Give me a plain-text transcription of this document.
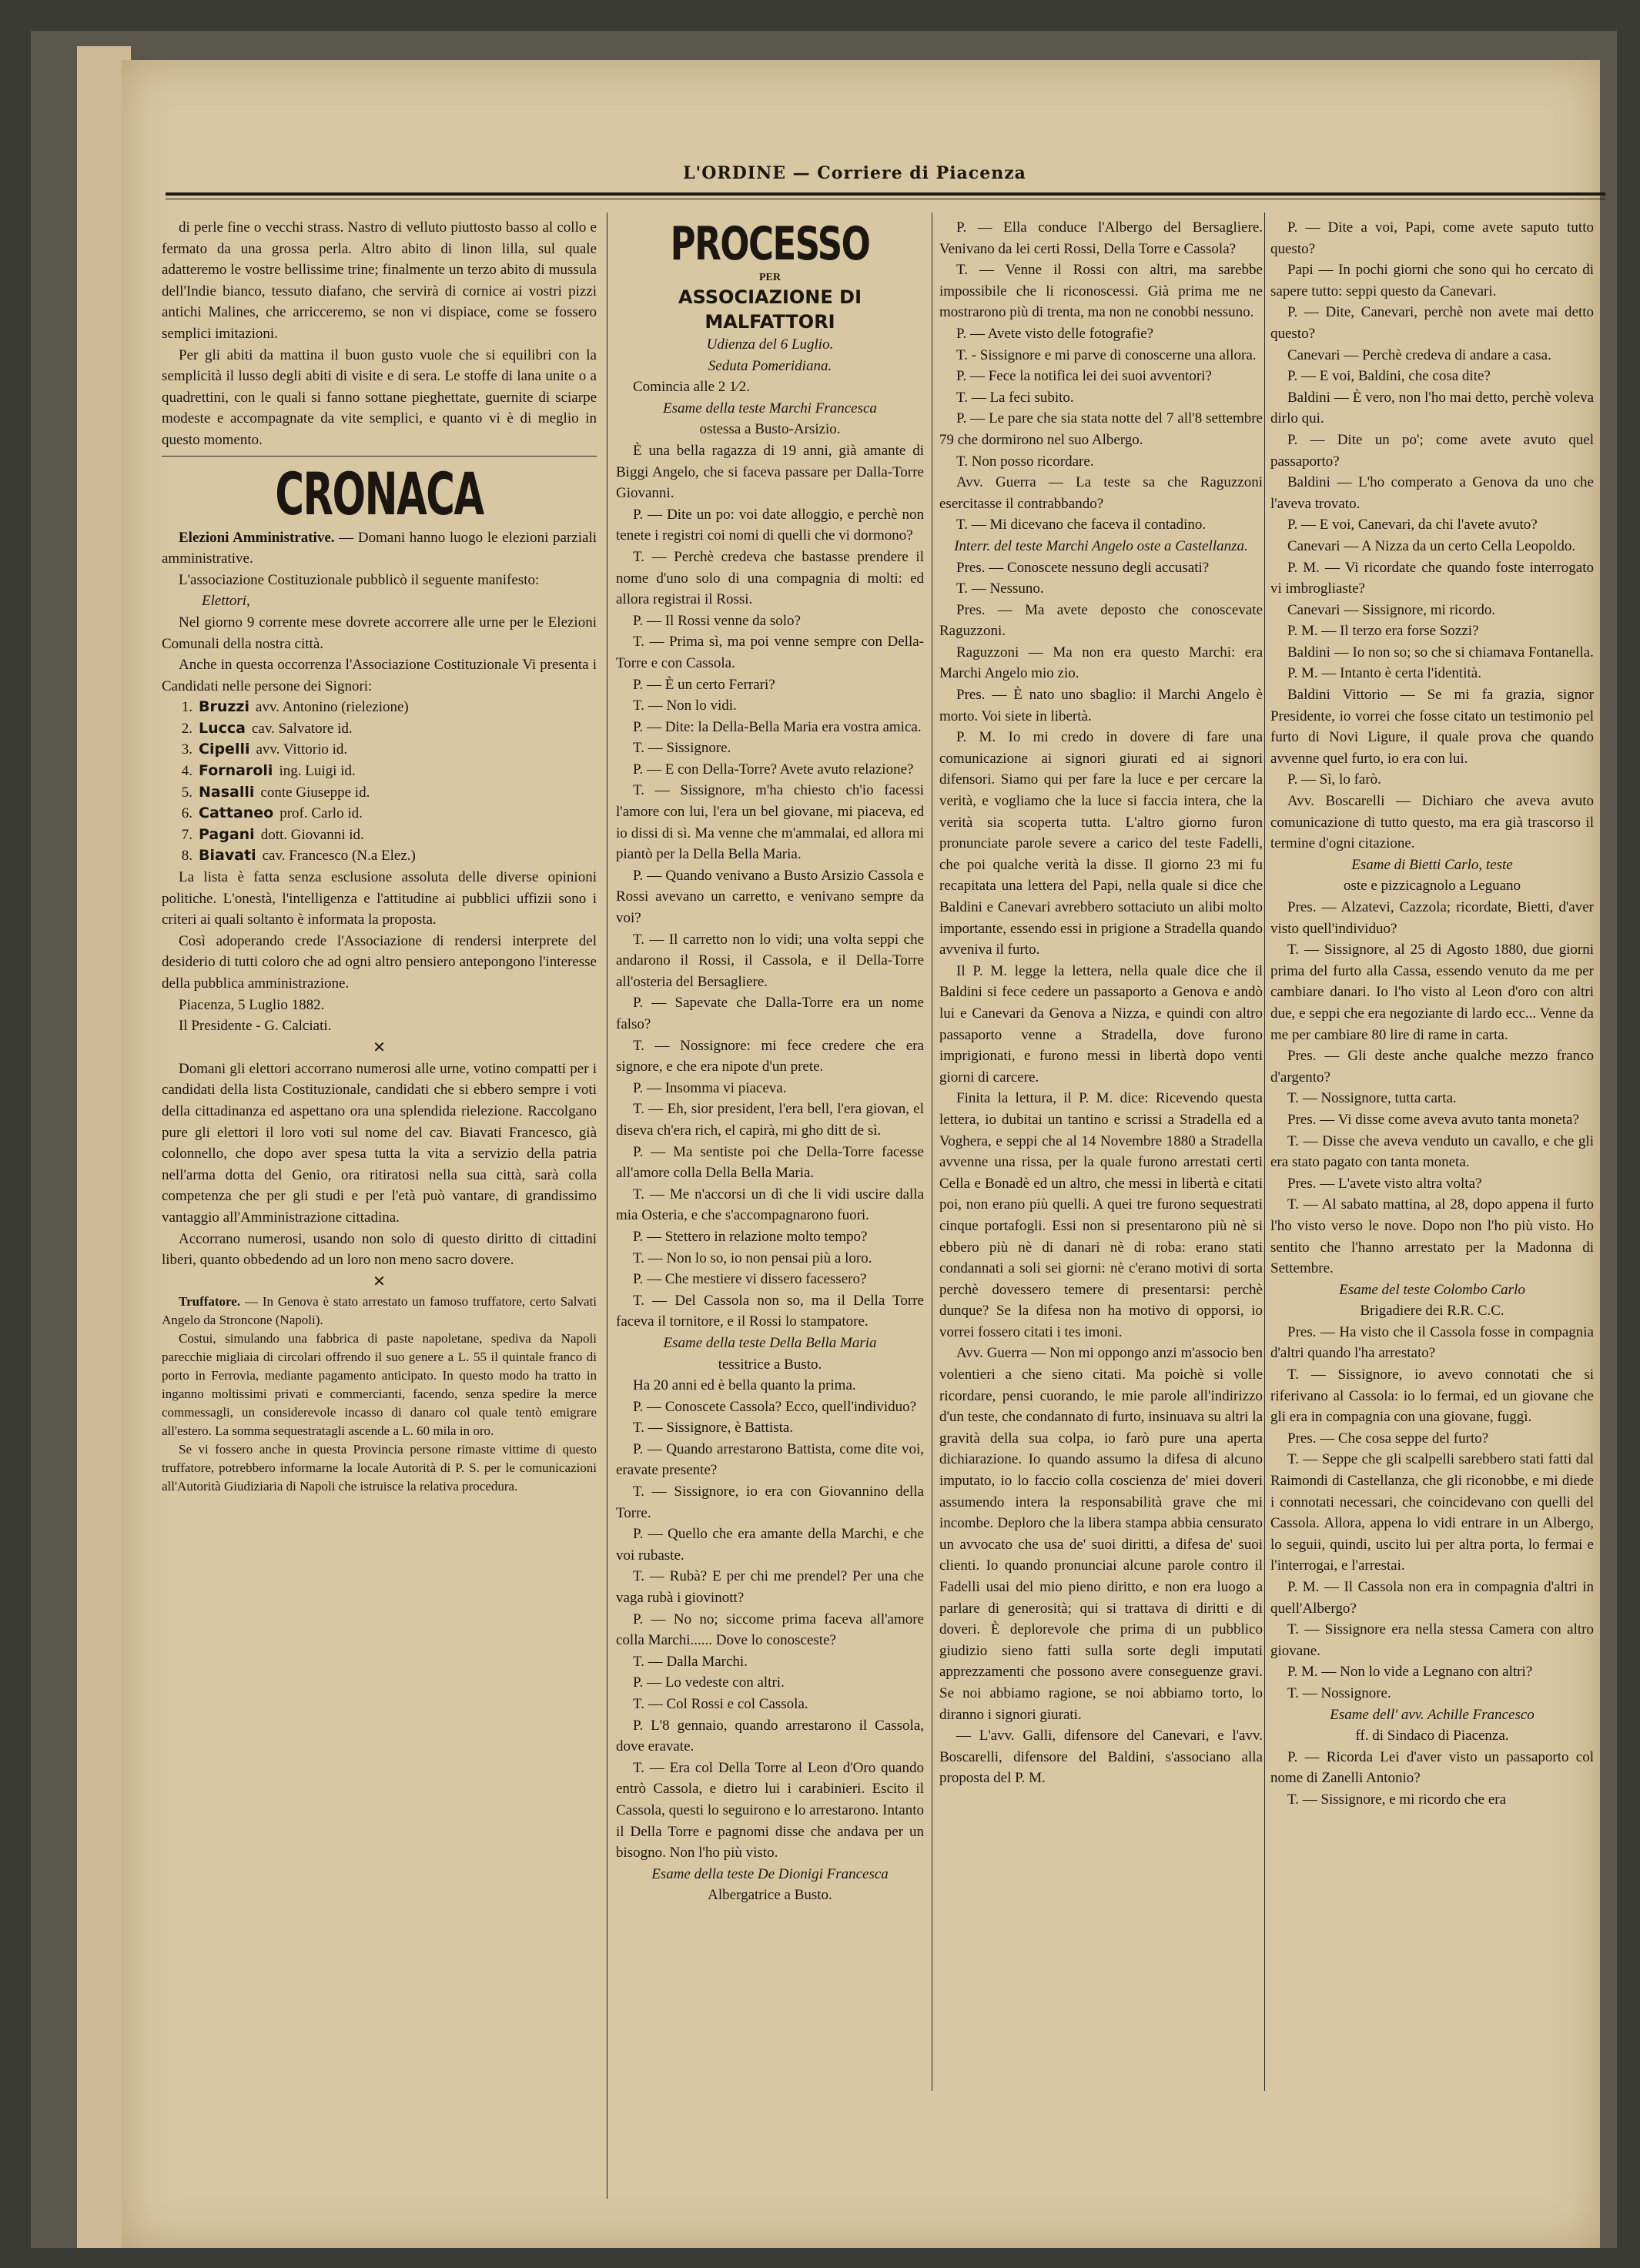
L'ORDINE — Corriere di Piacenza

di perle fine o vecchi strass. Nastro di velluto piuttosto basso al collo e fermato da una grossa perla. Altro abito di linon lilla, sul quale adatteremo le vostre bellissime trine; finalmente un terzo abito di mussula dell'Indie bianco, tessuto diafano, che servirà di cornice ai vostri pizzi antichi Malines, che arricceremo, se non vi dispiace, come se fossero semplici imitazioni.

Per gli abiti da mattina il buon gusto vuole che si equilibri con la semplicità il lusso degli abiti di visite e di sera. Le stoffe di lana unite o a quadrettini, con le quali si fanno sottane pieghettate, guernite di sciarpe modeste e accompagnate da vite semplici, e quanto vi è di meglio in questo momento.

CRONACA

Elezioni Amministrative. — Domani hanno luogo le elezioni parziali amministrative.

L'associazione Costituzionale pubblicò il seguente manifesto:

Elettori,

Nel giorno 9 corrente mese dovrete accorrere alle urne per le Elezioni Comunali della nostra città.

Anche in questa occorrenza l'Associazione Costituzionale Vi presenta i Candidati nelle persone dei Signori:

1. Bruzzi avv. Antonino (rielezione)
2. Lucca cav. Salvatore id.
3. Cipelli avv. Vittorio id.
4. Fornaroli ing. Luigi id.
5. Nasalli conte Giuseppe id.
6. Cattaneo prof. Carlo id.
7. Pagani dott. Giovanni id.
8. Biavati cav. Francesco (N.a Elez.)

La lista è fatta senza esclusione assoluta delle diverse opinioni politiche. L'onestà, l'intelligenza e l'attitudine ai pubblici uffizii sono i criteri ai quali soltanto è informata la proposta.

Così adoperando crede l'Associazione di rendersi interprete del desiderio di tutti coloro che ad ogni altro pensiero antepongono l'interesse della pubblica amministrazione.

Piacenza, 5 Luglio 1882.

Il Presidente - G. Calciati.

✕

Domani gli elettori accorrano numerosi alle urne, votino compatti per i candidati della lista Costituzionale, candidati che si ebbero sempre i voti della cittadinanza ed aspettano ora una splendida rielezione. Raccolgano pure gli elettori il loro voti sul nome del cav. Biavati Francesco, già colonnello, che dopo aver spesa tutta la vita a servizio della patria nell'arma dotta del Genio, ora ritiratosi nella sua città, sarà colla competenza che per gli studi e per l'età può vantare, di grandissimo vantaggio all'Amministrazione cittadina.

Accorrano numerosi, usando non solo di questo diritto di cittadini liberi, quanto obbedendo ad un loro non meno sacro dovere.

✕

Truffatore. — In Genova è stato arrestato un famoso truffatore, certo Salvati Angelo da Stroncone (Napoli).

Costui, simulando una fabbrica di paste napoletane, spediva da Napoli parecchie migliaia di circolari offrendo il suo genere a L. 55 il quintale franco di porto in Ferrovia, mediante pagamento anticipato. In questo modo ha tratto in inganno moltissimi privati e commercianti, facendo, senza spedire la merce commessagli, un considerevole incasso di danaro col quale tentò emigrare all'estero. La somma sequestratagli ascende a L. 60 mila in oro.

Se vi fossero anche in questa Provincia persone rimaste vittime di questo truffatore, potrebbero informarne la locale Autorità di P. S. per le comunicazioni all'Autorità Giudiziaria di Napoli che istruisce la relativa procedura.

PROCESSO
PER
ASSOCIAZIONE DI MALFATTORI

Udienza del 6 Luglio.

Seduta Pomeridiana.

Comincia alle 2 1⁄2.

Esame della teste Marchi Francesca

ostessa a Busto-Arsizio.

È una bella ragazza di 19 anni, già amante di Biggi Angelo, che si faceva passare per Dalla-Torre Giovanni.

P. — Dite un po: voi date alloggio, e perchè non tenete i registri coi nomi di quelli che vi dormono?

T. — Perchè credeva che bastasse prendere il nome d'uno solo di una compagnia di molti: ed allora registrai il Rossi.

P. — Il Rossi venne da solo?

T. — Prima sì, ma poi venne sempre con Della-Torre e con Cassola.

P. — È un certo Ferrari?

T. — Non lo vidi.

P. — Dite: la Della-Bella Maria era vostra amica.

T. — Sissignore.

P. — E con Della-Torre? Avete avuto relazione?

T. — Sissignore, m'ha chiesto ch'io facessi l'amore con lui, l'era un bel giovane, mi piaceva, ed io dissi di sì. Ma venne che m'ammalai, ed allora mi piantò per la Della Bella Maria.

P. — Quando venivano a Busto Arsizio Cassola e Rossi avevano un carretto, e venivano sempre da voi?

T. — Il carretto non lo vidi; una volta seppi che andarono il Rossi, il Cassola, e il Della-Torre all'osteria del Bersagliere.

P. — Sapevate che Dalla-Torre era un nome falso?

T. — Nossignore: mi fece credere che era signore, e che era nipote d'un prete.

P. — Insomma vi piaceva.

T. — Eh, sior president, l'era bell, l'era giovan, el diseva ch'era rich, el capirà, mi gho ditt de sì.

P. — Ma sentiste poi che Della-Torre facesse all'amore colla Della Bella Maria.

T. — Me n'accorsi un dì che li vidi uscire dalla mia Osteria, e che s'accompagnarono fuori.

P. — Stettero in relazione molto tempo?

T. — Non lo so, io non pensai più a loro.

P. — Che mestiere vi dissero facessero?

T. — Del Cassola non so, ma il Della Torre faceva il tornitore, e il Rossi lo stampatore.

Esame della teste Della Bella Maria

tessitrice a Busto.

Ha 20 anni ed è bella quanto la prima.

P. — Conoscete Cassola? Ecco, quell'individuo?

T. — Sissignore, è Battista.

P. — Quando arrestarono Battista, come dite voi, eravate presente?

T. — Sissignore, io era con Giovannino della Torre.

P. — Quello che era amante della Marchi, e che voi rubaste.

T. — Rubà? E per chi me prendel? Per una che vaga rubà i giovinott?

P. — No no; siccome prima faceva all'amore colla Marchi...... Dove lo conosceste?

T. — Dalla Marchi.

P. — Lo vedeste con altri.

T. — Col Rossi e col Cassola.

P. L'8 gennaio, quando arrestarono il Cassola, dove eravate.

T. — Era col Della Torre al Leon d'Oro quando entrò Cassola, e dietro lui i carabinieri. Escito il Cassola, questi lo seguirono e lo arrestarono. Intanto il Della Torre e pagnomi disse che andava per un bisogno. Non l'ho più visto.

Esame della teste De Dionigi Francesca

Albergatrice a Busto.

P. — Ella conduce l'Albergo del Bersagliere. Venivano da lei certi Rossi, Della Torre e Cassola?

T. — Venne il Rossi con altri, ma sarebbe impossibile che li riconoscessi. Già prima me ne mostrarono più di trenta, ma non ne conobbi nessuno.

P. — Avete visto delle fotografie?

T. - Sissignore e mi parve di conoscerne una allora.

P. — Fece la notifica lei dei suoi avventori?

T. — La feci subito.

P. — Le pare che sia stata notte del 7 all'8 settembre 79 che dormirono nel suo Albergo.

T. Non posso ricordare.

Avv. Guerra — La teste sa che Raguzzoni esercitasse il contrabbando?

T. — Mi dicevano che faceva il contadino.

Interr. del teste Marchi Angelo oste a Castellanza.

Pres. — Conoscete nessuno degli accusati?

T. — Nessuno.

Pres. — Ma avete deposto che conoscevate Raguzzoni.

Raguzzoni — Ma non era questo Marchi: era Marchi Angelo mio zio.

Pres. — È nato uno sbaglio: il Marchi Angelo è morto. Voi siete in libertà.

P. M. Io mi credo in dovere di fare una comunicazione ai signori giurati ed ai signori difensori. Siamo qui per fare la luce e per cercare la verità, e vogliamo che la luce si faccia intera, che la verità sia scoperta tutta. L'altro giorno furon pronunciate parole severe a carico del teste Fadelli, che poi qualche verità la disse. Il giorno 23 mi fu recapitata una lettera del Papi, nella quale si dice che Baldini e Canevari avrebbero sottaciuto un alibi molto importante, essendo essi in prigione a Stradella quando avveniva il furto.

Il P. M. legge la lettera, nella quale dice che il Baldini si fece cedere un passaporto a Genova e andò lui e Canevari da Genova a Nizza, e quindi con altro passaporto venne a Stradella, dove furono imprigionati, e furono messi in libertà dopo venti giorni di carcere.

Finita la lettura, il P. M. dice: Ricevendo questa lettera, io dubitai un tantino e scrissi a Stradella ed a Voghera, e seppi che al 14 Novembre 1880 a Stradella avvenne una rissa, per la quale furono arrestati certi Cella e Bonadè ed un altro, che messi in libertà e citati poi, non erano più quelli. A quei tre furono sequestrati cinque portafogli. Essi non si presentarono più nè si ebbero più nè di danari nè di roba: erano stati condannati a soli sei giorni: nè c'erano motivi di sorta perchè dovessero temere di presentarsi: perchè dunque? Se la difesa non ha motivo di opporsi, io vorrei fossero citati i tes imoni.

Avv. Guerra — Non mi oppongo anzi m'associo ben volentieri a che sieno citati. Ma poichè si volle ricordare, pensi cuorando, le mie parole all'indirizzo d'un teste, che condannato di furto, insinuava su altri la gravità della sua colpa, io farò pure una aperta dichiarazione. Io quando assumo la difesa di alcuno imputato, io lo faccio colla coscienza de' miei doveri assumendo intera la responsabilità grave che mi incombe. Deploro che la libera stampa abbia censurato un avvocato che usa de' suoi diritti, a difesa de' suoi clienti. Io quando pronunciai alcune parole contro il Fadelli usai del mio pieno diritto, e non era luogo a parlare di generosità; qui si trattava di diritti e di doveri. È deplorevole che prima di un pubblico giudizio sieno fatti sulla sorte degli imputati apprezzamenti che possono avere conseguenze gravi. Se noi abbiamo ragione, se noi abbiamo torto, lo diranno i signori giurati.

— L'avv. Galli, difensore del Canevari, e l'avv. Boscarelli, difensore del Baldini, s'associano alla proposta del P. M.

P. — Dite a voi, Papi, come avete saputo tutto questo?

Papi — In pochi giorni che sono qui ho cercato di sapere tutto: seppi questo da Canevari.

P. — Dite, Canevari, perchè non avete mai detto questo?

Canevari — Perchè credeva di andare a casa.

P. — E voi, Baldini, che cosa dite?

Baldini — È vero, non l'ho mai detto, perchè voleva dirlo qui.

P. — Dite un po'; come avete avuto quel passaporto?

Baldini — L'ho comperato a Genova da uno che l'aveva trovato.

P. — E voi, Canevari, da chi l'avete avuto?

Canevari — A Nizza da un certo Cella Leopoldo.

P. M. — Vi ricordate che quando foste interrogato vi imbrogliaste?

Canevari — Sissignore, mi ricordo.

P. M. — Il terzo era forse Sozzi?

Baldini — Io non so; so che si chiamava Fontanella.

P. M. — Intanto è certa l'identità.

Baldini Vittorio — Se mi fa grazia, signor Presidente, io vorrei che fosse citato un testimonio pel furto di Novi Ligure, il quale prova che quando avvenne quel furto, io era con lui.

P. — Sì, lo farò.

Avv. Boscarelli — Dichiaro che aveva avuto comunicazione di tutto questo, ma era già trascorso il termine d'ogni citazione.

Esame di Bietti Carlo, teste

oste e pizzicagnolo a Leguano

Pres. — Alzatevi, Cazzola; ricordate, Bietti, d'aver visto quell'individuo?

T. — Sissignore, al 25 di Agosto 1880, due giorni prima del furto alla Cassa, essendo venuto da me per cambiare danari. Io l'ho visto al Leon d'oro con altri due, e seppi che era negoziante di lardo ecc... Venne da me per cambiare 80 lire di rame in carta.

Pres. — Gli deste anche qualche mezzo franco d'argento?

T. — Nossignore, tutta carta.

Pres. — Vi disse come aveva avuto tanta moneta?

T. — Disse che aveva venduto un cavallo, e che gli era stato pagato con tanta moneta.

Pres. — L'avete visto altra volta?

T. — Al sabato mattina, al 28, dopo appena il furto l'ho visto verso le nove. Dopo non l'ho più visto. Ho sentito che l'hanno arrestato per la Madonna di Settembre.

Esame del teste Colombo Carlo

Brigadiere dei R.R. C.C.

Pres. — Ha visto che il Cassola fosse in compagnia d'altri quando l'ha arrestato?

T. — Sissignore, io avevo connotati che si riferivano al Cassola: io lo fermai, ed un giovane che gli era in compagnia con una giovane, fuggì.

Pres. — Che cosa seppe del furto?

T. — Seppe che gli scalpelli sarebbero stati fatti dal Raimondi di Castellanza, che gli riconobbe, e mi diede i connotati necessari, che coincidevano con quelli del Cassola. Allora, appena lo vidi entrare in un Albergo, lo seguii, quindi, uscito lui per altra porta, lo fermai e l'interrogai, e l'arrestai.

P. M. — Il Cassola non era in compagnia d'altri in quell'Albergo?

T. — Sissignore era nella stessa Camera con altro giovane.

P. M. — Non lo vide a Legnano con altri?

T. — Nossignore.

Esame dell' avv. Achille Francesco

ff. di Sindaco di Piacenza.

P. — Ricorda Lei d'aver visto un passaporto col nome di Zanelli Antonio?

T. — Sissignore, e mi ricordo che era
